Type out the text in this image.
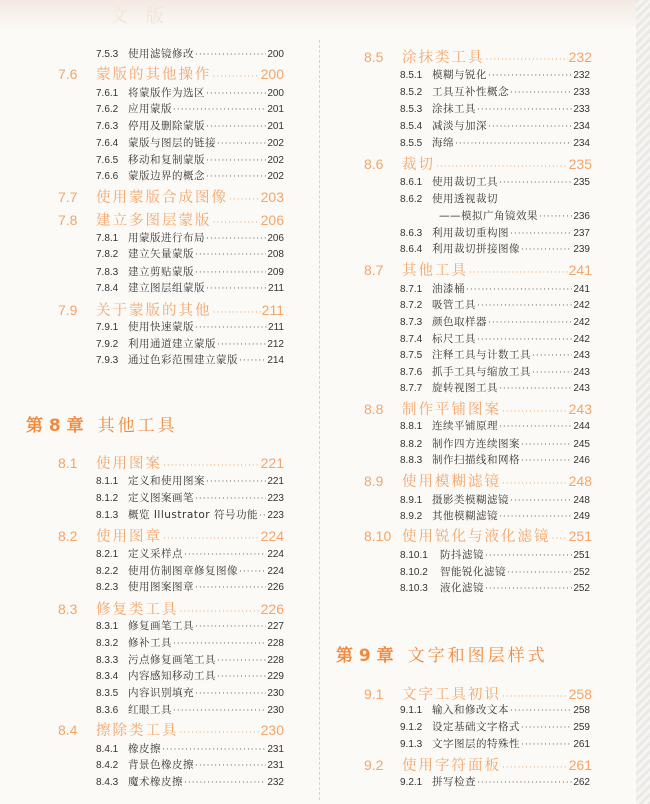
文 版
7.5.3 使用滤镜修改 ·····	200
7.6	蒙版的其他操作 ·····	200
7.6.1 将蒙版作为选区 ·····	200
7.6.2 应用蒙版 ·····	201
7.6.3 停用及删除蒙版 ·····	201
7.6.4 蒙版与图层的链接 ·····	202
7.6.5 移动和复制蒙版 ·····	202
7.6.6 蒙版边界的概念 ·····	202
7.7	使用蒙版合成图像 ····· 203
7.8	建立多图层蒙版 ·····	206
7.8.1 用蒙版进行布局 ·····	206
7.8.2 建立矢量蒙版 ·····	208
7.8.3 建立剪贴蒙版 ·····	209
7.8.4 建立图层组蒙版 ·····	211
7.9	关于蒙版的其他 ·····	211
7.9.1 使用快速蒙版 ·····	211
7.9.2 利用通道建立蒙版 ·····	212
7.9.3 通过色彩范围建立蒙版 ·····	214
第 8 章 其他工具
8.1	使用图案 ·····	221
8.1.1 定义和使用图案 ·····	221
8.1.2 定义图案画笔 ·····	223
8.1.3 概览 Illustrator 符号功能 ····· 223
8.2	使用图章 ·····	224
8.2.1 定义采样点 ·····	224
8.2.2 使用仿制图章修复图像 ·····	224
8.2.3 使用图案图章 ·····	226
8.3	修复类工具 ·····	226
8.3.1 修复画笔工具 ·····	227
8.3.2 修补工具 ·····	228
8.3.3 污点修复画笔工具 ·····	228
8.3.4 内容感知移动工具 ·····	229
8.3.5 内容识别填充 ·····	230
8.3.6 红眼工具 ·····	230
8.4	擦除类工具 ·····	230
8.4.1 橡皮擦 ·····	231
8.4.2 背景色橡皮擦 ·····	231
8.4.3 魔术橡皮擦 ·····	232
8.5	涂抹类工具 ·····	232
8.5.1 模糊与锐化 ·····	232
8.5.2 工具互补性概念 ·····	233
8.5.3 涂抹工具 ·····	233
8.5.4 减淡与加深 ·····	234
8.5.5 海绵 ·····	234
8.6	裁切 ·····	235
8.6.1 使用裁切工具 ·····	235
8.6.2 使用透视裁切
——模拟广角镜效果 ·····	236
8.6.3 利用裁切重构图 ·····	237
8.6.4 利用裁切拼接图像 ·····	239
8.7	其他工具 ·····	241
8.7.1 油漆桶 ·····	241
8.7.2 吸管工具 ·····	242
8.7.3 颜色取样器 ·····	242
8.7.4 标尺工具 ·····	242
8.7.5 注释工具与计数工具 ·····	243
8.7.6 抓手工具与缩放工具 ·····	243
8.7.7 旋转视图工具 ·····	243
8.8	制作平铺图案 ·····	243
8.8.1 连续平铺原理 ·····	244
8.8.2 制作四方连续图案 ·····	245
8.8.3 制作扫描线和网格 ·····	246
8.9	使用模糊滤镜 ·····	248
8.9.1 摄影类模糊滤镜 ·····	248
8.9.2 其他模糊滤镜 ·····	249
8.10 使用锐化与液化滤镜 ····· 251
8.10.1	防抖滤镜 ·····	251
8.10.2	智能锐化滤镜 ·····	252
8.10.3	液化滤镜 ·····	252
第 9 章 文字和图层样式
9.1	文字工具初识 ·····	258
9.1.1 输入和修改文本 ·····	258
9.1.2 设定基础文字格式 ·····	259
9.1.3 文字图层的特殊性 ·····	261
9.2	使用字符面板 ·····	261
9.2.1 拼写检查 ·····	262
